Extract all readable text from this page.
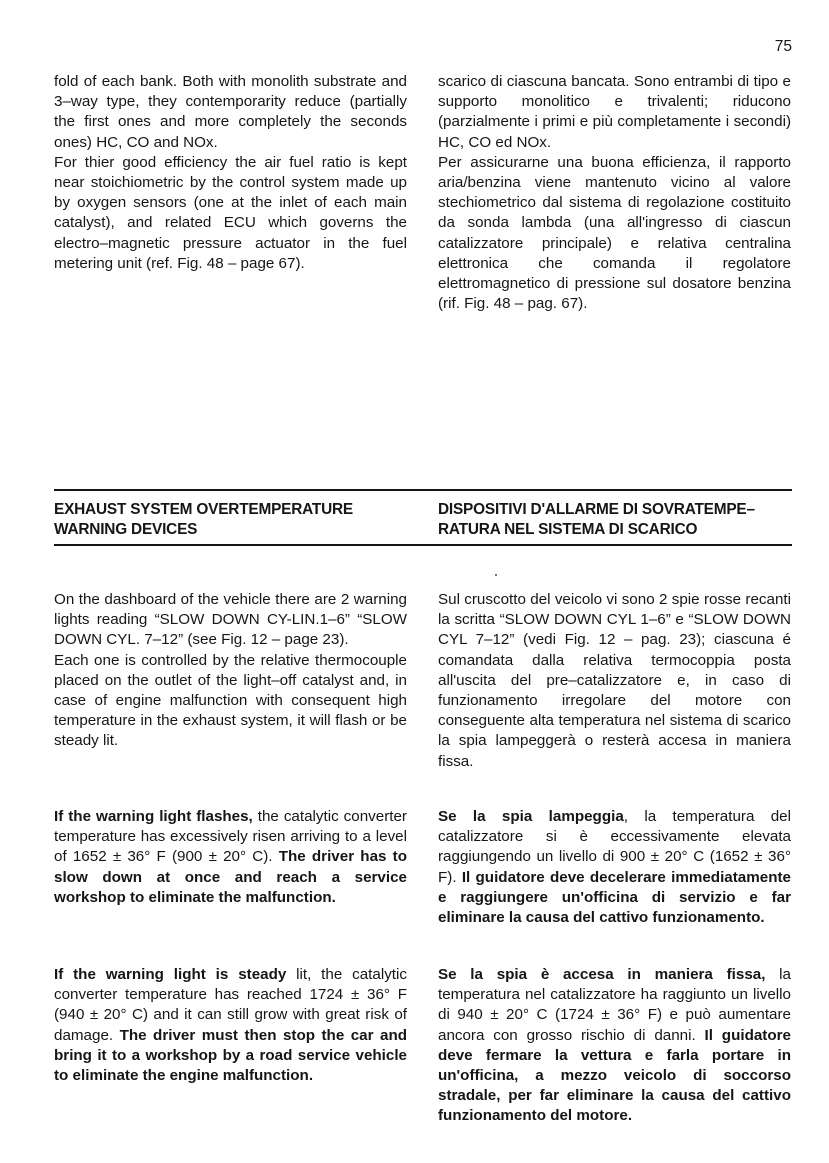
75

fold of each bank. Both with monolith substrate and 3–way type, they contemporarity reduce (partially the first ones and more completely the seconds ones) HC, CO and NOx.
For thier good efficiency the air fuel ratio is kept near stoichiometric by the control system made up by oxygen sensors (one at the inlet of each main catalyst), and related ECU which governs the electro–magnetic pressure actuator in the fuel metering unit (ref. Fig. 48 – page 67).

scarico di ciascuna bancata. Sono entrambi di tipo e supporto monolitico e trivalenti; riducono (parzialmente i primi e più completamente i secondi) HC, CO ed NOx.
Per assicurarne una buona efficienza, il rapporto aria/benzina viene mantenuto vicino al valore stechiometrico dal sistema di regolazione costituito da sonda lambda (una all'ingresso di ciascun catalizzatore principale) e relativa centralina elettronica che comanda il regolatore elettromagnetico di pressione sul dosatore benzina (rif. Fig. 48 – pag. 67).

EXHAUST SYSTEM OVERTEMPERATURE
WARNING DEVICES
DISPOSITIVI D'ALLARME DI SOVRATEMPE–
RATURA NEL SISTEMA DI SCARICO

On the dashboard of the vehicle there are 2 warning lights reading “SLOW DOWN CY-LIN.1–6” “SLOW DOWN CYL. 7–12” (see Fig. 12 – page 23).
Each one is controlled by the relative thermocouple placed on the outlet of the light–off catalyst and, in case of engine malfunction with consequent high temperature in the exhaust system, it will flash or be steady lit.

Sul cruscotto del veicolo vi sono 2 spie rosse recanti la scritta “SLOW DOWN CYL 1–6” e “SLOW DOWN CYL 7–12” (vedi Fig. 12 – pag. 23); ciascuna é comandata dalla relativa termocoppia posta all'uscita del pre–catalizzatore e, in caso di funzionamento irregolare del motore con conseguente alta temperatura nel sistema di scarico la spia lampeggerà o resterà accesa in maniera fissa.

If the warning light flashes, the catalytic converter temperature has excessively risen arriving to a level of 1652 ± 36° F (900 ± 20° C). The driver has to slow down at once and reach a service workshop to eliminate the malfunction.

Se la spia lampeggia, la temperatura del catalizzatore si è eccessivamente elevata raggiungendo un livello di 900 ± 20° C (1652 ± 36° F). Il guidatore deve decelerare immediatamente e raggiungere un'officina di servizio e far eliminare la causa del cattivo funzionamento.

If the warning light is steady lit, the catalytic converter temperature has reached 1724 ± 36° F (940 ± 20° C) and it can still grow with great risk of damage. The driver must then stop the car and bring it to a workshop by a road service vehicle to eliminate the engine malfunction.

Se la spia è accesa in maniera fissa, la temperatura nel catalizzatore ha raggiunto un livello di 940 ± 20° C (1724 ± 36° F) e può aumentare ancora con grosso rischio di danni. Il guidatore deve fermare la vettura e farla portare in un'officina, a mezzo veicolo di soccorso stradale, per far eliminare la causa del cattivo funzionamento del motore.
